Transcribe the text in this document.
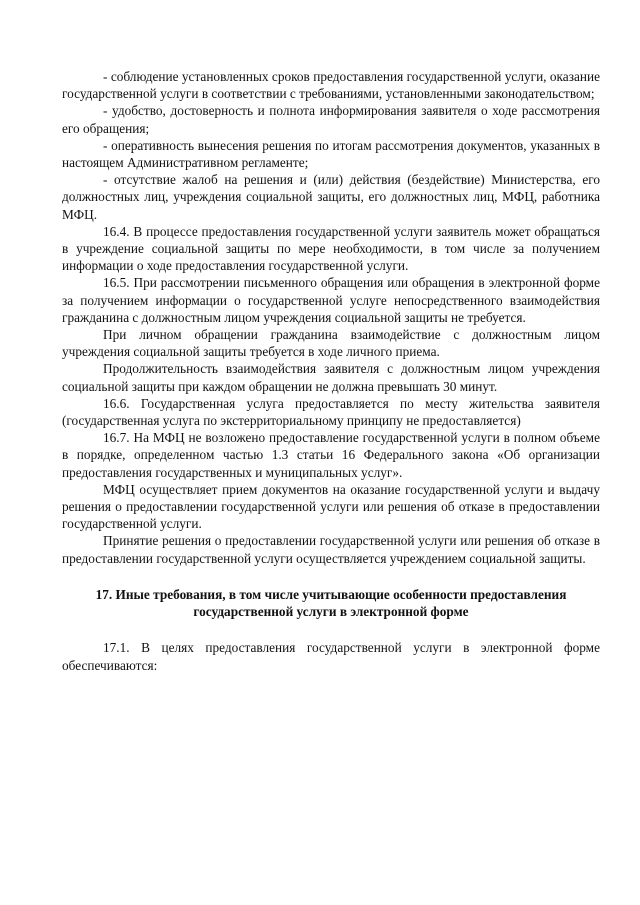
- соблюдение установленных сроков предоставления государственной услуги, оказание государственной услуги в соответствии с требованиями, установленными законодательством;

- удобство, достоверность и полнота информирования заявителя о ходе рассмотрения его обращения;

- оперативность вынесения решения по итогам рассмотрения документов, указанных в настоящем Административном регламенте;

- отсутствие жалоб на решения и (или) действия (бездействие) Министерства, его должностных лиц, учреждения социальной защиты, его должностных лиц, МФЦ, работника МФЦ.

16.4. В процессе предоставления государственной услуги заявитель может обращаться в учреждение социальной защиты по мере необходимости, в том числе за получением информации о ходе предоставления государственной услуги.

16.5. При рассмотрении письменного обращения или обращения в электронной форме за получением информации о государственной услуге непосредственного взаимодействия гражданина с должностным лицом учреждения социальной защиты не требуется.

При личном обращении гражданина взаимодействие с должностным лицом учреждения социальной защиты требуется в ходе личного приема.

Продолжительность взаимодействия заявителя с должностным лицом учреждения социальной защиты при каждом обращении не должна превышать 30 минут.

16.6. Государственная услуга предоставляется по месту жительства заявителя (государственная услуга по экстерриториальному принципу не предоставляется)

16.7. На МФЦ не возложено предоставление государственной услуги в полном объеме в порядке, определенном частью 1.3 статьи 16 Федерального закона «Об организации предоставления государственных и муниципальных услуг».

МФЦ осуществляет прием документов на оказание государственной услуги и выдачу решения о предоставлении государственной услуги или решения об отказе в предоставлении государственной услуги.

Принятие решения о предоставлении государственной услуги или решения об отказе в предоставлении государственной услуги осуществляется учреждением социальной защиты.

17. Иные требования, в том числе учитывающие особенности предоставления
государственной услуги в электронной форме

17.1. В целях предоставления государственной услуги в электронной форме обеспечиваются:
